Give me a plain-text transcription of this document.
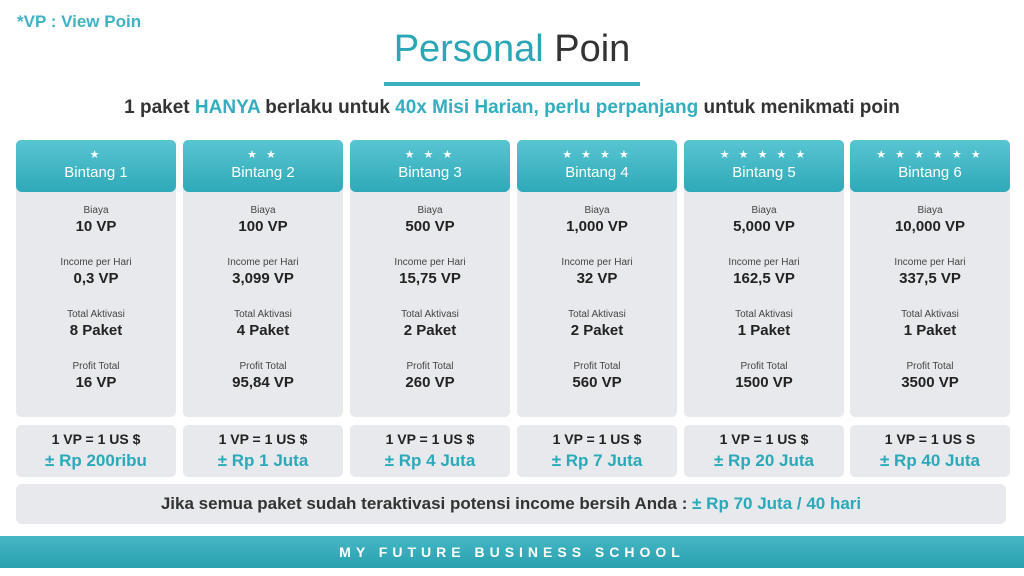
*VP : View Poin
Personal Poin
1 paket HANYA berlaku untuk 40x Misi Harian, perlu perpanjang untuk menikmati poin
★
Bintang 1
Biaya
10 VP
Income per Hari
0,3 VP
Total Aktivasi
8 Paket
Profit Total
16 VP
★ ★
Bintang 2
Biaya
100 VP
Income per Hari
3,099 VP
Total Aktivasi
4 Paket
Profit Total
95,84 VP
★ ★ ★
Bintang 3
Biaya
500 VP
Income per Hari
15,75 VP
Total Aktivasi
2 Paket
Profit Total
260 VP
★ ★ ★ ★
Bintang 4
Biaya
1,000 VP
Income per Hari
32 VP
Total Aktivasi
2 Paket
Profit Total
560 VP
★ ★ ★ ★ ★
Bintang 5
Biaya
5,000 VP
Income per Hari
162,5 VP
Total Aktivasi
1 Paket
Profit Total
1500 VP
★ ★ ★ ★ ★ ★
Bintang 6
Biaya
10,000 VP
Income per Hari
337,5 VP
Total Aktivasi
1 Paket
Profit Total
3500 VP
1 VP = 1 US $
± Rp 200ribu
1 VP = 1 US $
± Rp 1 Juta
1 VP = 1 US $
± Rp 4 Juta
1 VP = 1 US $
± Rp 7 Juta
1 VP = 1 US $
± Rp 20 Juta
1 VP = 1 US S
± Rp 40 Juta
Jika semua paket sudah teraktivasi potensi income bersih Anda : ± Rp 70 Juta / 40 hari
MY FUTURE BUSINESS SCHOOL
